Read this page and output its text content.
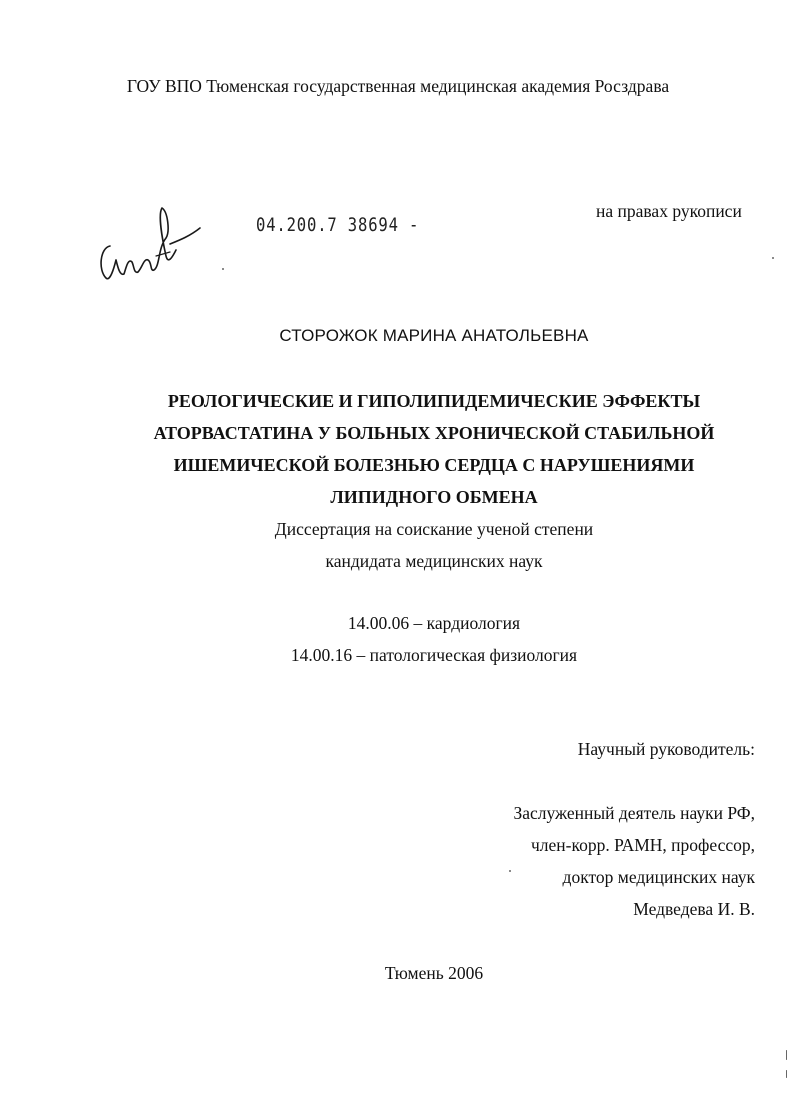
ГОУ ВПО Тюменская государственная медицинская академия Росздрава
на правах рукописи
04.200.7 38694 -
СТОРОЖОК МАРИНА АНАТОЛЬЕВНА
РЕОЛОГИЧЕСКИЕ И ГИПОЛИПИДЕМИЧЕСКИЕ ЭФФЕКТЫ
АТОРВАСТАТИНА У БОЛЬНЫХ ХРОНИЧЕСКОЙ СТАБИЛЬНОЙ
ИШЕМИЧЕСКОЙ БОЛЕЗНЬЮ СЕРДЦА С НАРУШЕНИЯМИ
ЛИПИДНОГО ОБМЕНА
Диссертация на соискание ученой степени
кандидата медицинских наук
14.00.06 – кардиология
14.00.16 – патологическая физиология
Научный руководитель:
Заслуженный деятель науки РФ,
член-корр. РАМН, профессор,
доктор медицинских наук
Медведева И. В.
Тюмень 2006
